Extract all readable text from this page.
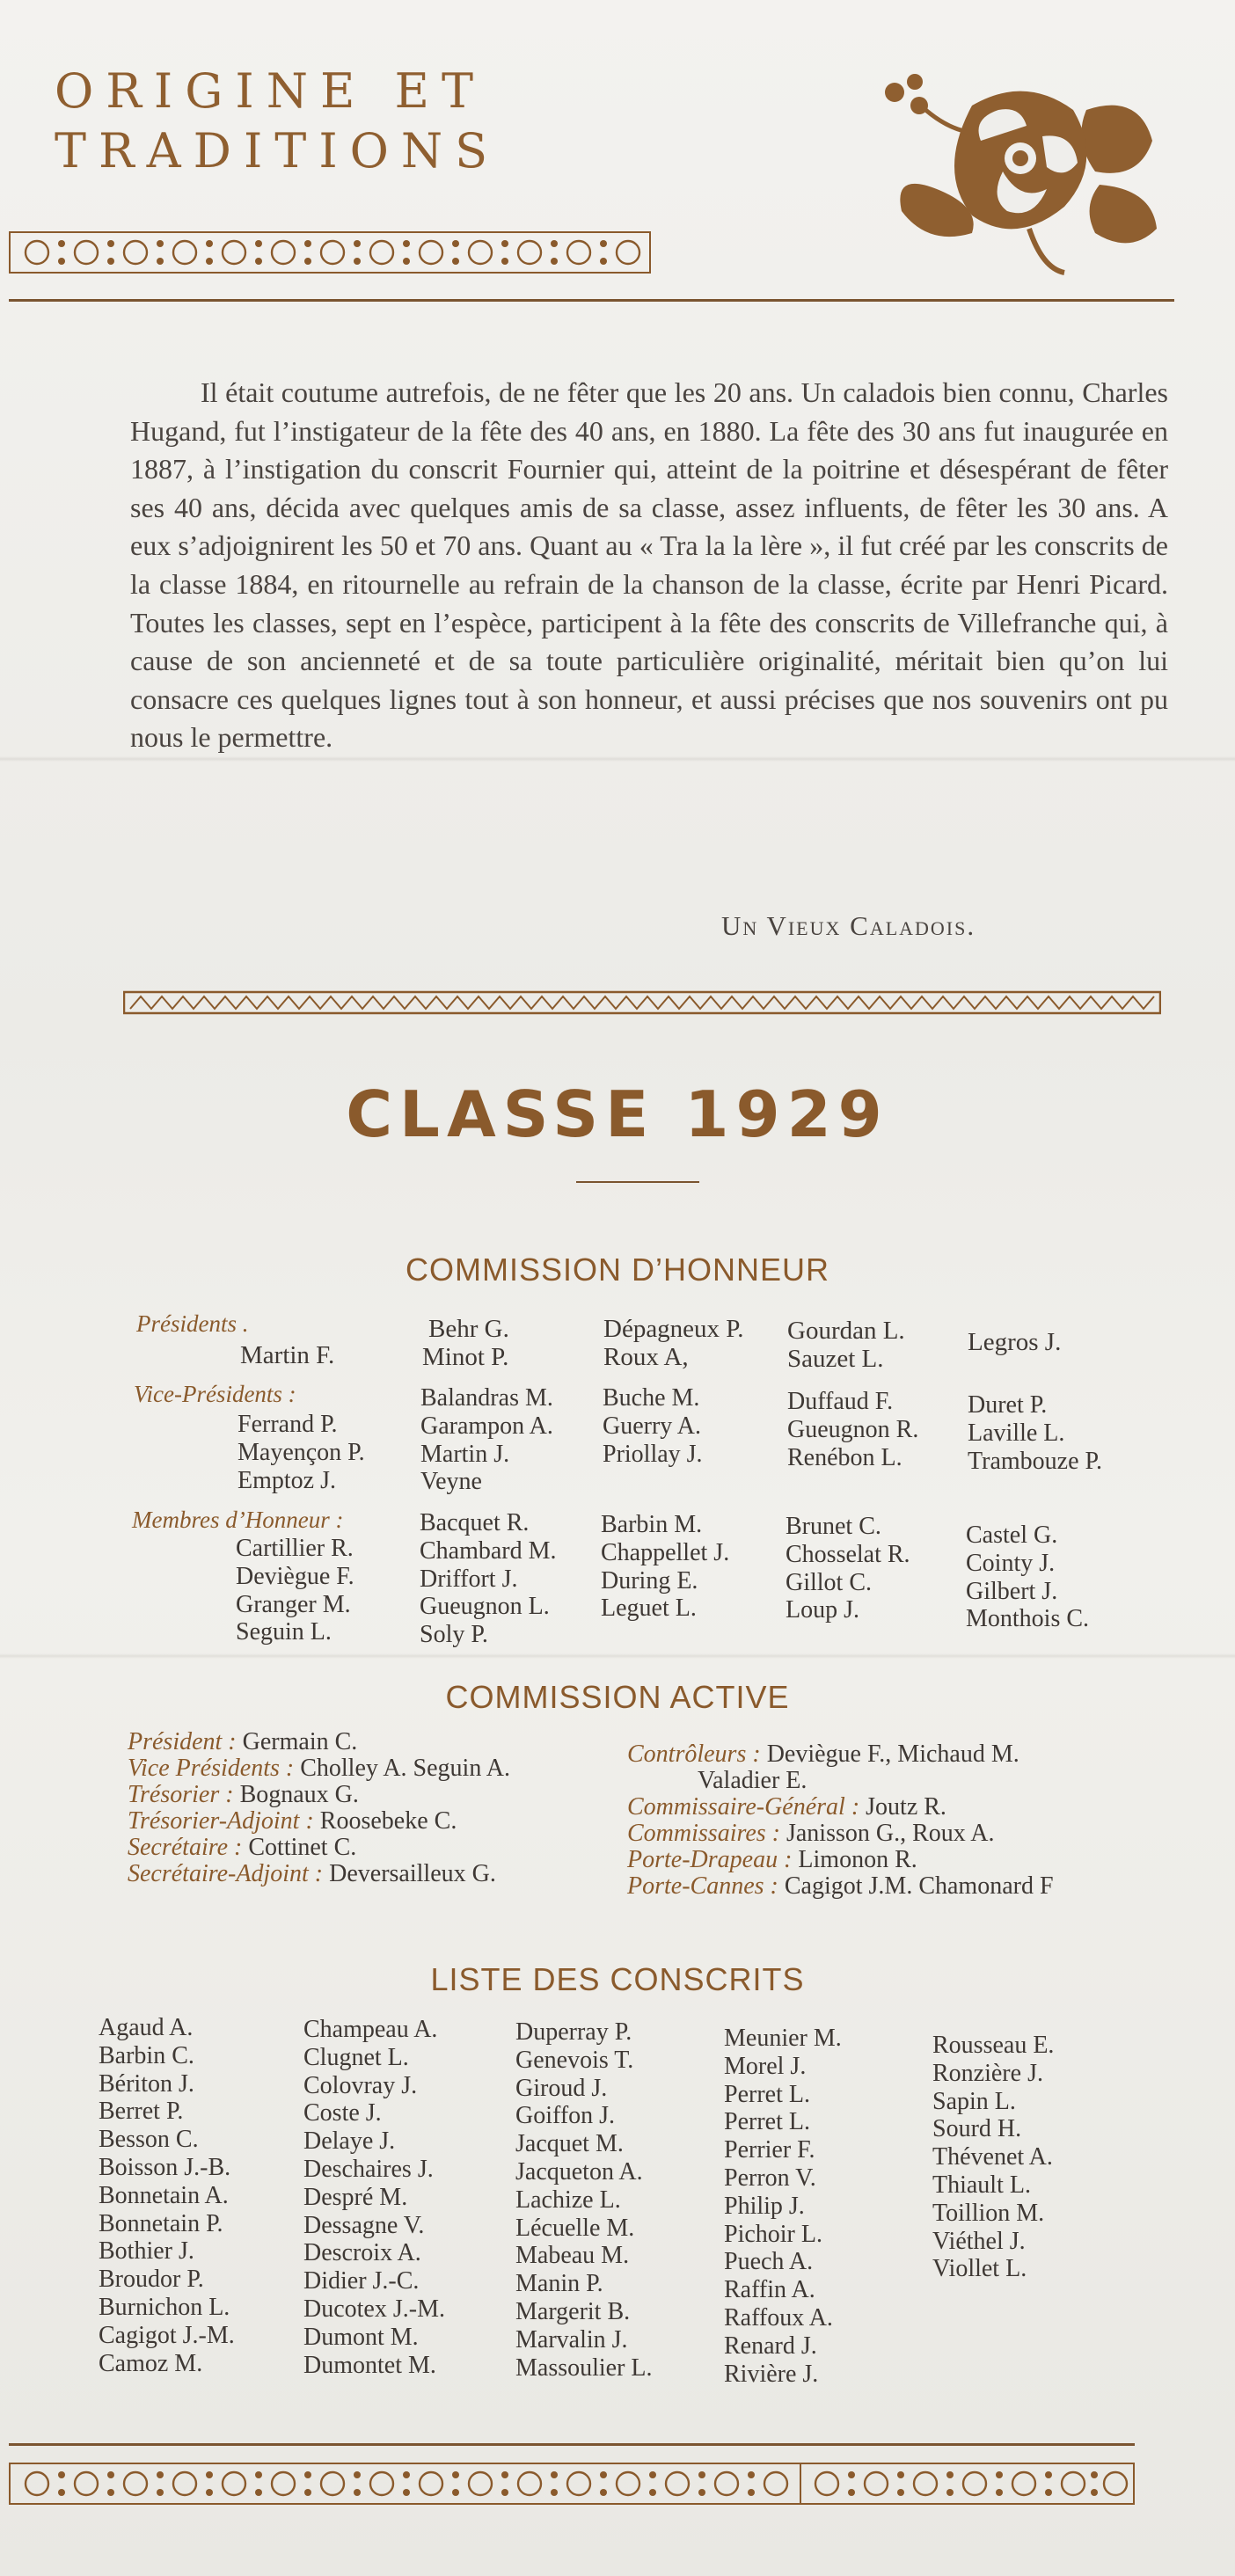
ORIGINE ET
TRADITIONS

Il était coutume autrefois, de ne fêter que les 20 ans. Un caladois bien connu, Charles Hugand, fut l’instigateur de la fête des 40 ans, en 1880. La fête des 30 ans fut inaugurée en 1887, à l’instigation du conscrit Fournier qui, atteint de la poitrine et désespérant de fêter ses 40 ans, décida avec quelques amis de sa classe, assez influents, de fêter les 30 ans. A eux s’adjoignirent les 50 et 70 ans. Quant au « Tra la la lère », il fut créé par les conscrits de la classe 1884, en ritournelle au refrain de la chanson de la classe, écrite par Henri Picard. Toutes les classes, sept en l’espèce, participent à la fête des conscrits de Villefranche qui, à cause de son ancienneté et de sa toute particulière originalité, méritait bien qu’on lui consacre ces quelques lignes tout à son honneur, et aussi précises que nos souvenirs ont pu nous le permettre.

Un Vieux Caladois.
CLASSE 1929
COMMISSION D’HONNEUR
Présidents .
Martin F.
Behr G.
Minot P.
Dépagneux P.
Roux A,
Gourdan L.
Sauzet L.
Legros J.
Vice-Présidents :
Ferrand P.
Mayençon P.
Emptoz J.
Balandras M.
Garampon A.
Martin J.
Veyne
Buche M.
Guerry A.
Priollay J.
Duffaud F.
Gueugnon R.
Renébon L.
Duret P.
Laville L.
Trambouze P.
Membres d’Honneur :
Cartillier R.
Deviègue F.
Granger M.
Seguin L.
Bacquet R.
Chambard M.
Driffort J.
Gueugnon L.
Soly P.
Barbin M.
Chappellet J.
During E.
Leguet L.
Brunet C.
Chosselat R.
Gillot C.
Loup J.
Castel G.
Cointy J.
Gilbert J.
Monthois C.
COMMISSION ACTIVE
Président : Germain C.
Vice Présidents : Cholley A. Seguin A.
Trésorier : Bognaux G.
Trésorier-Adjoint : Roosebeke C.
Secrétaire : Cottinet C.
Secrétaire-Adjoint : Deversailleux G.
Contrôleurs : Deviègue F., Michaud M.
Valadier E.
Commissaire-Général : Joutz R.
Commissaires : Janisson G., Roux A.
Porte-Drapeau : Limonon R.
Porte-Cannes : Cagigot J.M. Chamonard F
LISTE DES CONSCRITS
Agaud A.
Barbin C.
Bériton J.
Berret P.
Besson C.
Boisson J.-B.
Bonnetain A.
Bonnetain P.
Bothier J.
Broudor P.
Burnichon L.
Cagigot J.-M.
Camoz M.
Champeau A.
Clugnet L.
Colovray J.
Coste J.
Delaye J.
Deschaires J.
Despré M.
Dessagne V.
Descroix A.
Didier J.-C.
Ducotex J.-M.
Dumont M.
Dumontet M.
Duperray P.
Genevois T.
Giroud J.
Goiffon J.
Jacquet M.
Jacqueton A.
Lachize L.
Lécuelle M.
Mabeau M.
Manin P.
Margerit B.
Marvalin J.
Massoulier L.
Meunier M.
Morel J.
Perret L.
Perret L.
Perrier F.
Perron V.
Philip J.
Pichoir L.
Puech A.
Raffin A.
Raffoux A.
Renard J.
Rivière J.
Rousseau E.
Ronzière J.
Sapin L.
Sourd H.
Thévenet A.
Thiault L.
Toillion M.
Viéthel J.
Viollet L.
